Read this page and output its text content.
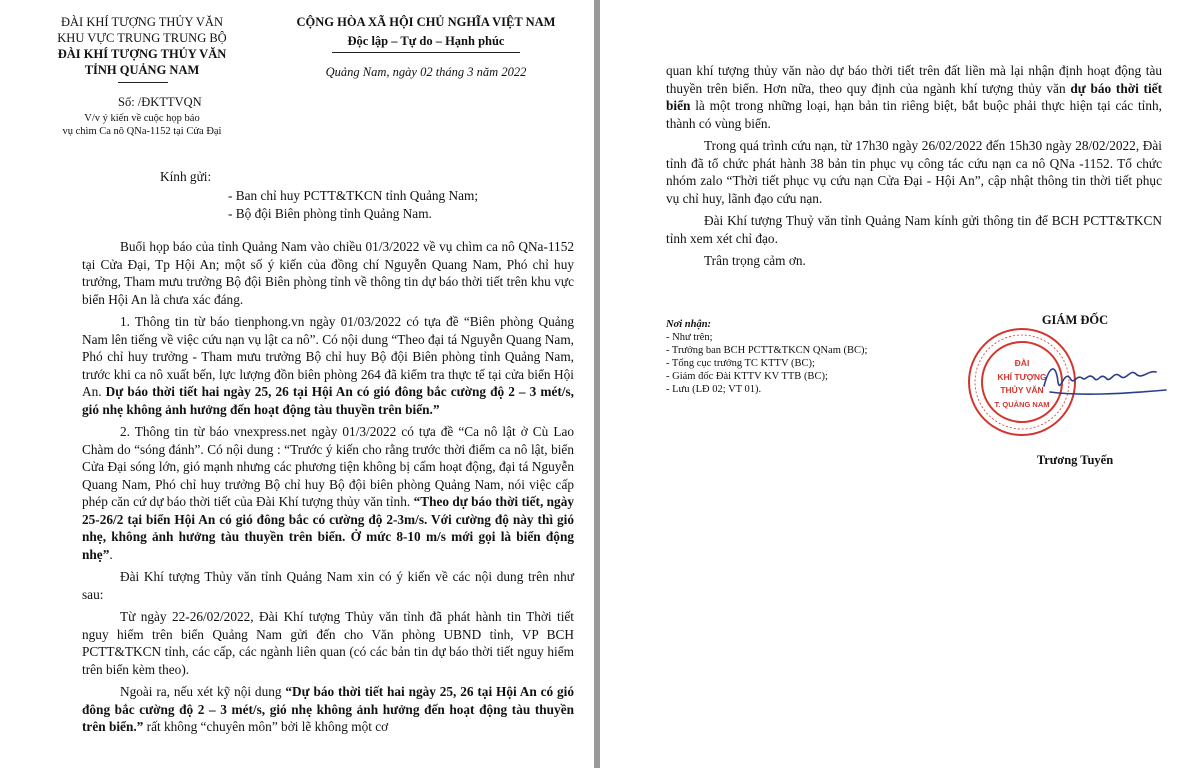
ĐÀI KHÍ TƯỢNG THỦY VĂN
KHU VỰC TRUNG TRUNG BỘ
ĐÀI KHÍ TƯỢNG THỦY VĂN
TỈNH QUẢNG NAM
CỘNG HÒA XÃ HỘI CHỦ NGHĨA VIỆT NAM
Độc lập – Tự do – Hạnh phúc
Quảng Nam, ngày 02 tháng 3 năm 2022
Số: /ĐKTTVQN
V/v ý kiến về cuộc họp báo
vụ chìm Ca nô QNa-1152 tại Cửa Đại
Kính gửi:
- Ban chỉ huy PCTT&TKCN tỉnh Quảng Nam;
- Bộ đội Biên phòng tỉnh Quảng Nam.

Buổi họp báo của tỉnh Quảng Nam vào chiều 01/3/2022 về vụ chìm ca nô QNa-1152 tại Cửa Đại, Tp Hội An; một số ý kiến của đồng chí Nguyễn Quang Nam, Phó chỉ huy trưởng, Tham mưu trưởng Bộ đội Biên phòng tỉnh về thông tin dự báo thời tiết trên khu vực biển Hội An là chưa xác đáng.

1. Thông tin từ báo tienphong.vn ngày 01/03/2022 có tựa đề “Biên phòng Quảng Nam lên tiếng về việc cứu nạn vụ lật ca nô”. Có nội dung “Theo đại tá Nguyễn Quang Nam, Phó chỉ huy trưởng - Tham mưu trưởng Bộ chỉ huy Bộ đội Biên phòng tỉnh Quảng Nam, trước khi ca nô xuất bến, lực lượng đồn biên phòng 264 đã kiểm tra thực tế tại cửa biển Hội An. Dự báo thời tiết hai ngày 25, 26 tại Hội An có gió đông bắc cường độ 2 – 3 mét/s, gió nhẹ không ảnh hưởng đến hoạt động tàu thuyền trên biển.”

2. Thông tin từ báo vnexpress.net ngày 01/3/2022 có tựa đề “Ca nô lật ở Cù Lao Chàm do “sóng đánh”. Có nội dung : “Trước ý kiến cho rằng trước thời điểm ca nô lật, biển Cửa Đại sóng lớn, gió mạnh nhưng các phương tiện không bị cấm hoạt động, đại tá Nguyễn Quang Nam, Phó chỉ huy trưởng Bộ chỉ huy Bộ đội biên phòng Quảng Nam, nói việc cấp phép căn cứ dự báo thời tiết của Đài Khí tượng thủy văn tỉnh. “Theo dự báo thời tiết, ngày 25-26/2 tại biển Hội An có gió đông bắc có cường độ 2-3m/s. Với cường độ này thì gió nhẹ, không ảnh hưởng tàu thuyền trên biển. Ở mức 8-10 m/s mới gọi là biển động nhẹ”.

Đài Khí tượng Thủy văn tỉnh Quảng Nam xin có ý kiến về các nội dung trên như sau:

Từ ngày 22-26/02/2022, Đài Khí tượng Thủy văn tỉnh đã phát hành tin Thời tiết nguy hiểm trên biển Quảng Nam gửi đến cho Văn phòng UBND tỉnh, VP BCH PCTT&TKCN tỉnh, các cấp, các ngành liên quan (có các bản tin dự báo thời tiết nguy hiểm trên biển kèm theo).

Ngoài ra, nếu xét kỹ nội dung “Dự báo thời tiết hai ngày 25, 26 tại Hội An có gió đông bắc cường độ 2 – 3 mét/s, gió nhẹ không ảnh hưởng đến hoạt động tàu thuyền trên biển.” rất không “chuyên môn” bởi lẽ không một cơ

quan khí tượng thủy văn nào dự báo thời tiết trên đất liền mà lại nhận định hoạt động tàu thuyền trên biển. Hơn nữa, theo quy định của ngành khí tượng thủy văn dự báo thời tiết biển là một trong những loại, hạn bản tin riêng biệt, bắt buộc phải thực hiện tại các tỉnh, thành có vùng biển.

Trong quá trình cứu nạn, từ 17h30 ngày 26/02/2022 đến 15h30 ngày 28/02/2022, Đài tỉnh đã tổ chức phát hành 38 bản tin phục vụ công tác cứu nạn ca nô QNa -1152. Tổ chức nhóm zalo “Thời tiết phục vụ cứu nạn Cửa Đại - Hội An”, cập nhật thông tin thời tiết phục vụ chỉ huy, lãnh đạo cứu nạn.

Đài Khí tượng Thuỷ văn tỉnh Quảng Nam kính gửi thông tin để BCH PCTT&TKCN tỉnh xem xét chỉ đạo.

Trân trọng cảm ơn.

Nơi nhận:
- Như trên;
- Trưởng ban BCH PCTT&TKCN QNam (BC);
- Tổng cục trưởng TC KTTV (BC);
- Giám đốc Đài KTTV KV TTB (BC);
- Lưu (LĐ 02; VT 01).
GIÁM ĐỐC
Trương Tuyến
ĐÀI
KHÍ TƯỢNG
THỦY VĂN
T. QUẢNG NAM
